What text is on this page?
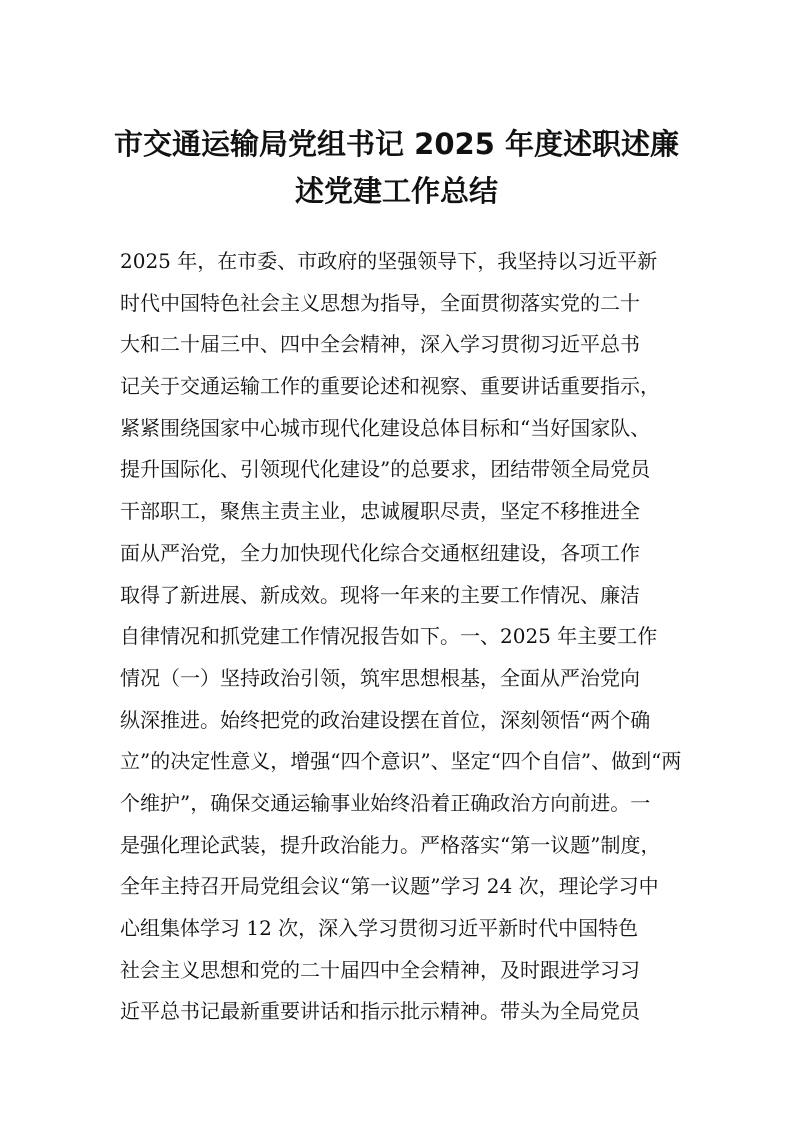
市交通运输局党组书记 2025 年度述职述廉
述党建工作总结
2025 年，在市委、市政府的坚强领导下，我坚持以习近平新
时代中国特色社会主义思想为指导，全面贯彻落实党的二十
大和二十届三中、四中全会精神，深入学习贯彻习近平总书
记关于交通运输工作的重要论述和视察、重要讲话重要指示，
紧紧围绕国家中心城市现代化建设总体目标和“当好国家队、
提升国际化、引领现代化建设”的总要求，团结带领全局党员
干部职工，聚焦主责主业，忠诚履职尽责，坚定不移推进全
面从严治党，全力加快现代化综合交通枢纽建设，各项工作
取得了新进展、新成效。现将一年来的主要工作情况、廉洁
自律情况和抓党建工作情况报告如下。一、2025 年主要工作
情况（一）坚持政治引领，筑牢思想根基，全面从严治党向
纵深推进。始终把党的政治建设摆在首位，深刻领悟“两个确
立”的决定性意义，增强“四个意识”、坚定“四个自信”、做到“两
个维护”，确保交通运输事业始终沿着正确政治方向前进。一
是强化理论武装，提升政治能力。严格落实“第一议题”制度，
全年主持召开局党组会议“第一议题”学习 24 次，理论学习中
心组集体学习 12 次，深入学习贯彻习近平新时代中国特色
社会主义思想和党的二十届四中全会精神，及时跟进学习习
近平总书记最新重要讲话和指示批示精神。带头为全局党员
